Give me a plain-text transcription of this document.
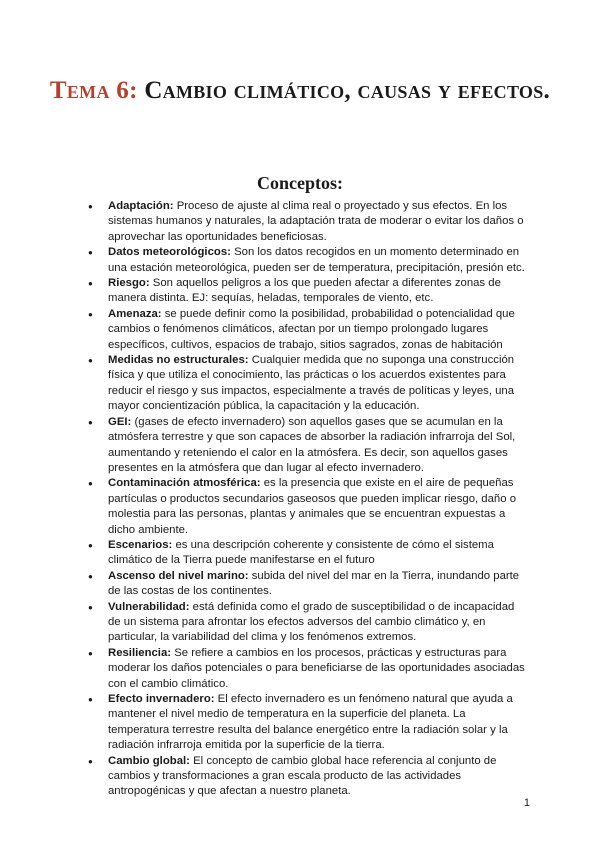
Tema 6: Cambio climático, causas y efectos.
Conceptos:
● Adaptación: Proceso de ajuste al clima real o proyectado y sus efectos. En los sistemas humanos y naturales, la adaptación trata de moderar o evitar los daños o aprovechar las oportunidades beneficiosas.
● Datos meteorológicos: Son los datos recogidos en un momento determinado en una estación meteorológica, pueden ser de temperatura, precipitación, presión etc.
● Riesgo: Son aquellos peligros a los que pueden afectar a diferentes zonas de manera distinta. EJ: sequías, heladas, temporales de viento, etc.
● Amenaza: se puede definir como la posibilidad, probabilidad o potencialidad que cambios o fenómenos climáticos, afectan por un tiempo prolongado lugares específicos, cultivos, espacios de trabajo, sitios sagrados, zonas de habitación
● Medidas no estructurales: Cualquier medida que no suponga una construcción física y que utiliza el conocimiento, las prácticas o los acuerdos existentes para reducir el riesgo y sus impactos, especialmente a través de políticas y leyes, una mayor concientización pública, la capacitación y la educación.
● GEI: (gases de efecto invernadero) son aquellos gases que se acumulan en la atmósfera terrestre y que son capaces de absorber la radiación infrarroja del Sol, aumentando y reteniendo el calor en la atmósfera. Es decir, son aquellos gases presentes en la atmósfera que dan lugar al efecto invernadero.
● Contaminación atmosférica: es la presencia que existe en el aire de pequeñas partículas o productos secundarios gaseosos que pueden implicar riesgo, daño o molestia para las personas, plantas y animales que se encuentran expuestas a dicho ambiente.
● Escenarios: es una descripción coherente y consistente de cómo el sistema climático de la Tierra puede manifestarse en el futuro
● Ascenso del nivel marino: subida del nivel del mar en la Tierra, inundando parte de las costas de los continentes.
● Vulnerabilidad: está definida como el grado de susceptibilidad o de incapacidad de un sistema para afrontar los efectos adversos del cambio climático y, en particular, la variabilidad del clima y los fenómenos extremos.
● Resiliencia: Se refiere a cambios en los procesos, prácticas y estructuras para moderar los daños potenciales o para beneficiarse de las oportunidades asociadas con el cambio climático.
● Efecto invernadero: El efecto invernadero es un fenómeno natural que ayuda a mantener el nivel medio de temperatura en la superficie del planeta. La temperatura terrestre resulta del balance energético entre la radiación solar y la radiación infrarroja emitida por la superficie de la tierra.
● Cambio global: El concepto de cambio global hace referencia al conjunto de cambios y transformaciones a gran escala producto de las actividades antropogénicas y que afectan a nuestro planeta.
1
